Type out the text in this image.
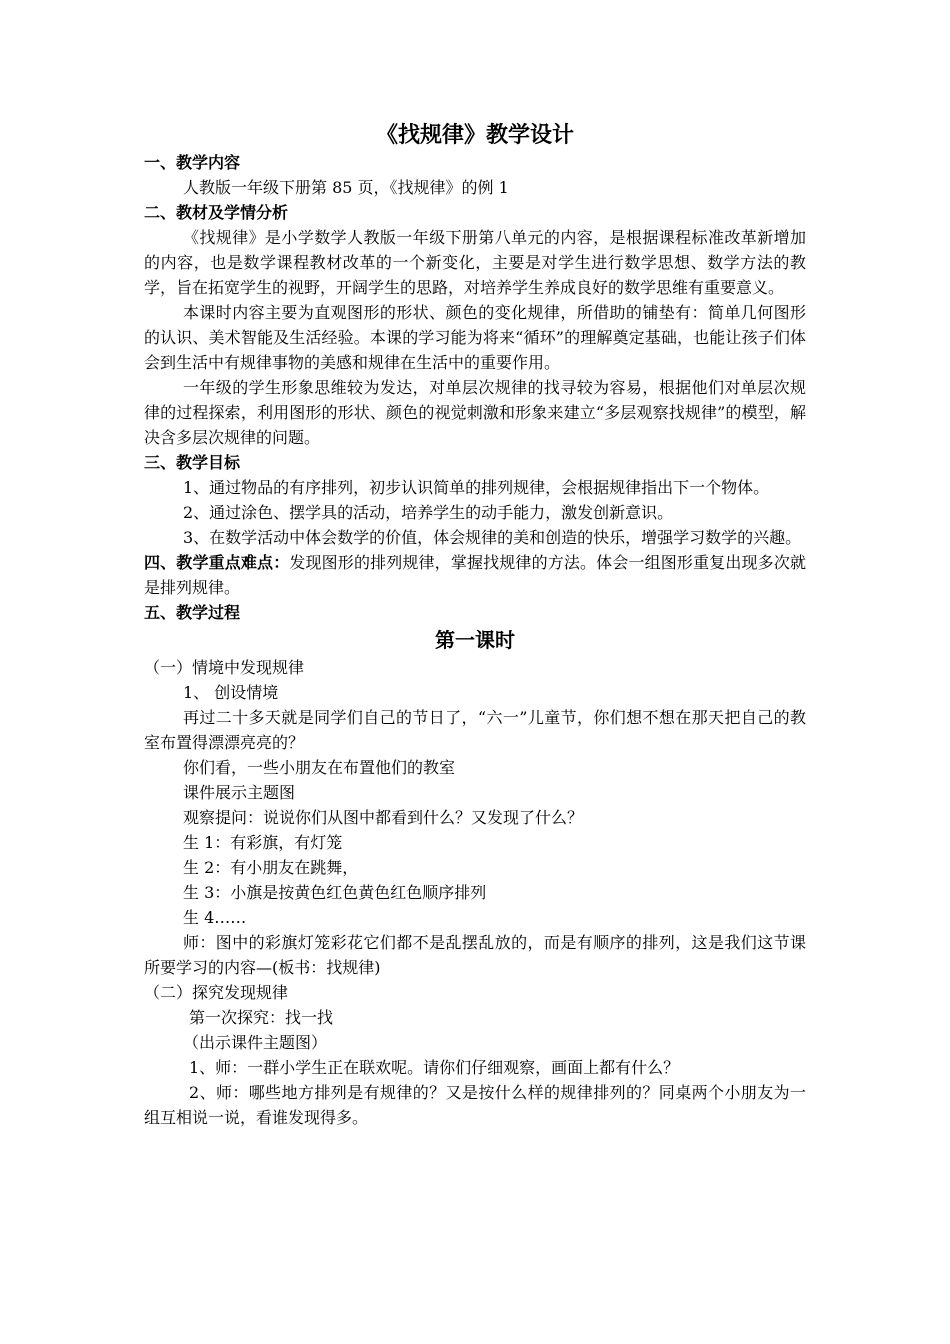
《找规律》教学设计
一、教学内容

人教版一年级下册第 85 页，《找规律》的例 1

二、教材及学情分析

《找规律》是小学数学人教版一年级下册第八单元的内容，是根据课程标准改革新增加的内容，也是数学课程教材改革的一个新变化，主要是对学生进行数学思想、数学方法的教学，旨在拓宽学生的视野，开阔学生的思路，对培养学生养成良好的数学思维有重要意义。

本课时内容主要为直观图形的形状、颜色的变化规律，所借助的铺垫有：简单几何图形的认识、美术智能及生活经验。本课的学习能为将来“循环”的理解奠定基础，也能让孩子们体会到生活中有规律事物的美感和规律在生活中的重要作用。

一年级的学生形象思维较为发达，对单层次规律的找寻较为容易，根据他们对单层次规律的过程探索，利用图形的形状、颜色的视觉刺激和形象来建立“多层观察找规律”的模型，解决含多层次规律的问题。

三、教学目标

1、通过物品的有序排列，初步认识简单的排列规律，会根据规律指出下一个物体。

2、通过涂色、摆学具的活动，培养学生的动手能力，激发创新意识。

3、在数学活动中体会数学的价值，体会规律的美和创造的快乐，增强学习数学的兴趣。

四、教学重点难点：发现图形的排列规律，掌握找规律的方法。体会一组图形重复出现多次就是排列规律。

五、教学过程
第一课时

（一）情境中发现规律

1、 创设情境

再过二十多天就是同学们自己的节日了，“六一”儿童节，你们想不想在那天把自己的教室布置得漂漂亮亮的？

你们看，一些小朋友在布置他们的教室

课件展示主题图

观察提问：说说你们从图中都看到什么？又发现了什么？

生 1：有彩旗，有灯笼

生 2：有小朋友在跳舞，

生 3：小旗是按黄色红色黄色红色顺序排列

生 4……

师：图中的彩旗灯笼彩花它们都不是乱摆乱放的，而是有顺序的排列，这是我们这节课所要学习的内容—(板书：找规律)

（二）探究发现规律

第一次探究：找一找

（出示课件主题图）

1、师：一群小学生正在联欢呢。请你们仔细观察，画面上都有什么？

2、师：哪些地方排列是有规律的？又是按什么样的规律排列的？同桌两个小朋友为一组互相说一说，看谁发现得多。
